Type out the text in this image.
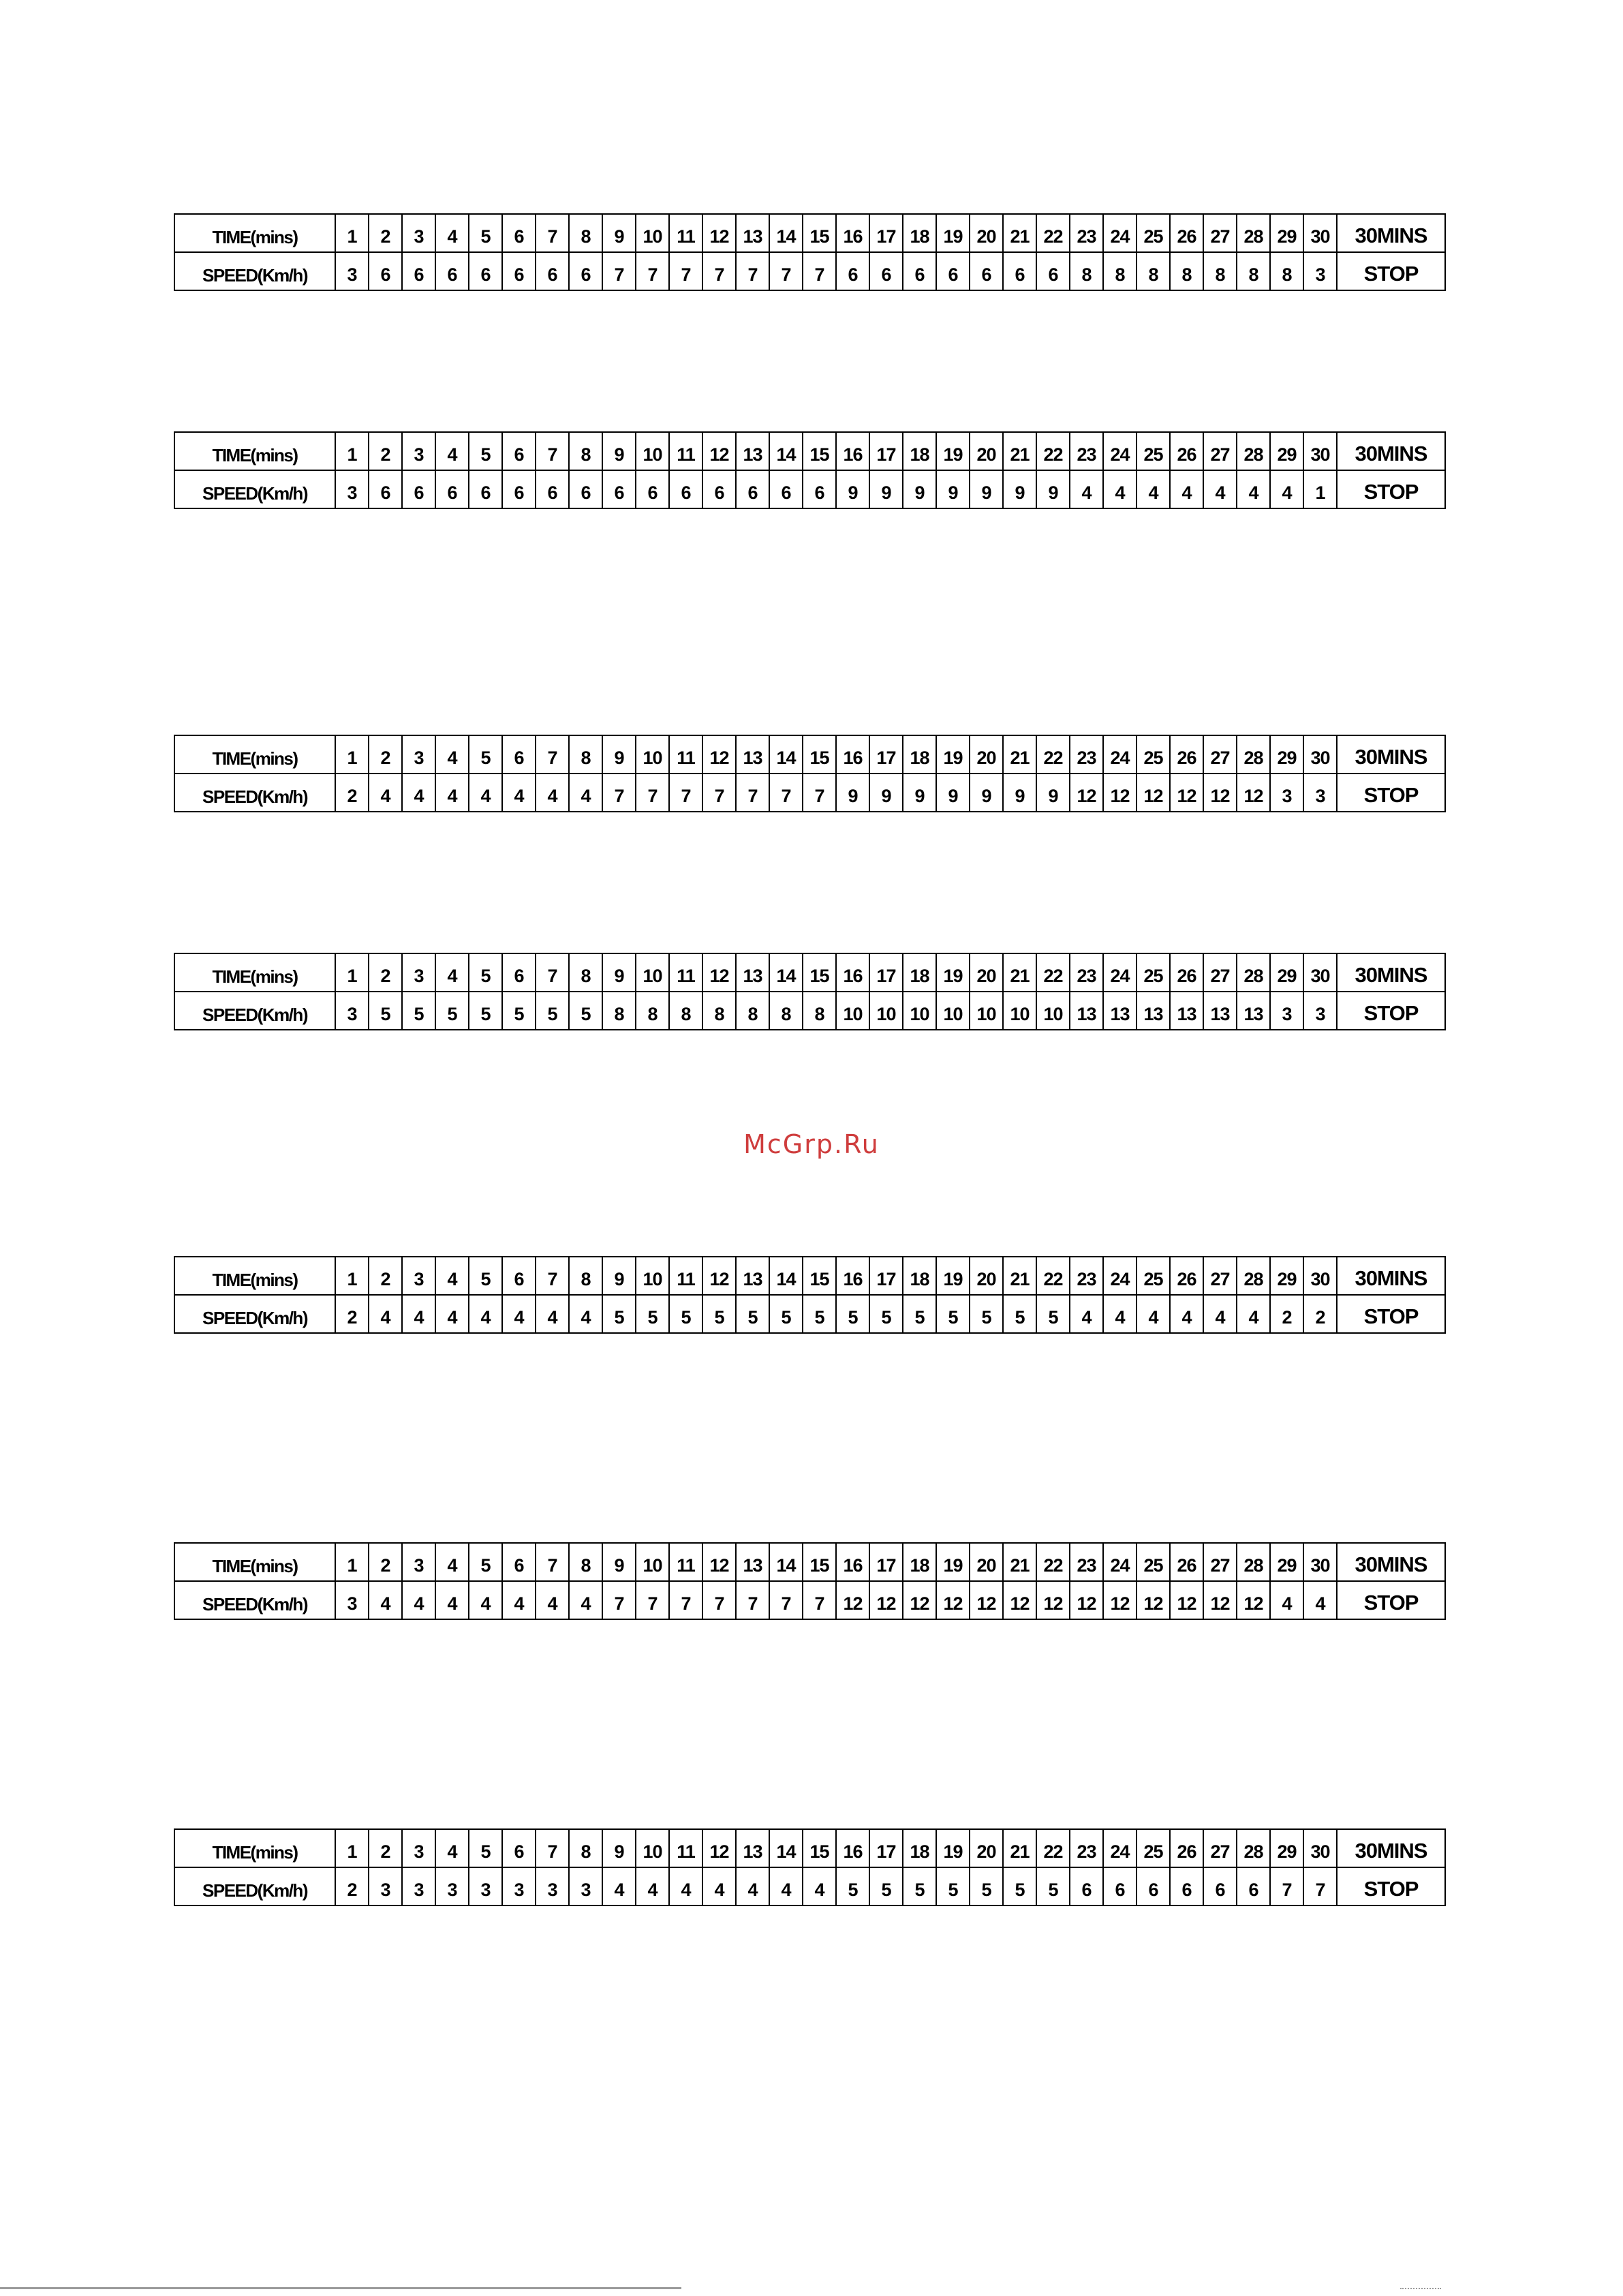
TIME(mins)	1	2	3	4	5	6	7	8	9	10	11	12	13	14	15	16	17	18	19	20	21	22	23	24	25	26	27	28	29	30	30MINS
SPEED(Km/h)	3	6	6	6	6	6	6	6	7	7	7	7	7	7	7	6	6	6	6	6	6	6	8	8	8	8	8	8	8	3	STOP
TIME(mins)	1	2	3	4	5	6	7	8	9	10	11	12	13	14	15	16	17	18	19	20	21	22	23	24	25	26	27	28	29	30	30MINS
SPEED(Km/h)	3	6	6	6	6	6	6	6	6	6	6	6	6	6	6	9	9	9	9	9	9	9	4	4	4	4	4	4	4	1	STOP
TIME(mins)	1	2	3	4	5	6	7	8	9	10	11	12	13	14	15	16	17	18	19	20	21	22	23	24	25	26	27	28	29	30	30MINS
SPEED(Km/h)	2	4	4	4	4	4	4	4	7	7	7	7	7	7	7	9	9	9	9	9	9	9	12	12	12	12	12	12	3	3	STOP
TIME(mins)	1	2	3	4	5	6	7	8	9	10	11	12	13	14	15	16	17	18	19	20	21	22	23	24	25	26	27	28	29	30	30MINS
SPEED(Km/h)	3	5	5	5	5	5	5	5	8	8	8	8	8	8	8	10	10	10	10	10	10	10	13	13	13	13	13	13	3	3	STOP
TIME(mins)	1	2	3	4	5	6	7	8	9	10	11	12	13	14	15	16	17	18	19	20	21	22	23	24	25	26	27	28	29	30	30MINS
SPEED(Km/h)	2	4	4	4	4	4	4	4	5	5	5	5	5	5	5	5	5	5	5	5	5	5	4	4	4	4	4	4	2	2	STOP
TIME(mins)	1	2	3	4	5	6	7	8	9	10	11	12	13	14	15	16	17	18	19	20	21	22	23	24	25	26	27	28	29	30	30MINS
SPEED(Km/h)	3	4	4	4	4	4	4	4	7	7	7	7	7	7	7	12	12	12	12	12	12	12	12	12	12	12	12	12	4	4	STOP
TIME(mins)	1	2	3	4	5	6	7	8	9	10	11	12	13	14	15	16	17	18	19	20	21	22	23	24	25	26	27	28	29	30	30MINS
SPEED(Km/h)	2	3	3	3	3	3	3	3	4	4	4	4	4	4	4	5	5	5	5	5	5	5	6	6	6	6	6	6	7	7	STOP
McGrp.Ru
